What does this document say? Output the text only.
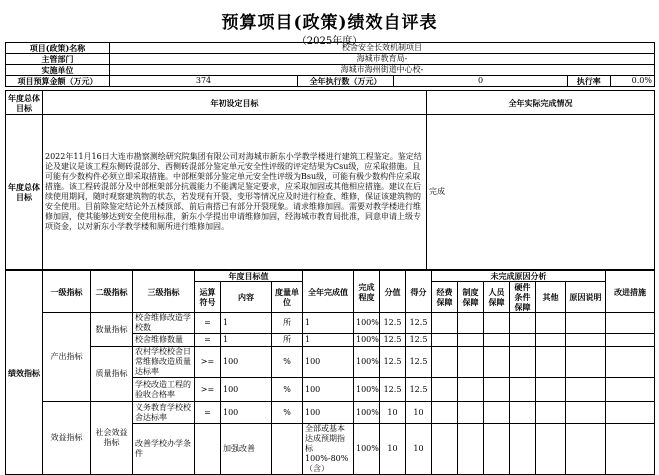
预算项目(政策)绩效自评表
（2025年度）
项目(政策)名称	校舍安全长效机制项目			
主管部门	海城市教育局-			
实施单位	海城市海州街道中心校-			
项目预算金额（万元）	374	全年执行数（万元）	0	执行率 0.0%
年度总体目标	年初设定目标	全年实际完成情况
年度总体目标	2022年11月16日大连市勘察测绘研究院集团有限公司对海城市新东小学教学楼进行建筑工程鉴定。鉴定结论及建议是该工程东侧砖混部分、西侧砖混部分鉴定单元安全性评级的评定结果为Csu级，应采取措施。且可能有少数构件必须立即采取措施。中部框架部分鉴定单元安全性评级为Bsu级，可能有极少数构件应采取措施。该工程砖混部分及中部框架部分抗震能力不能满足鉴定要求，应采取加固或其他相应措施。建议在后续使用期间，随时观察建筑物的状态，若发现有开裂、变形等情况应及时进行检查、维修，保证该建筑物的安全使用。目前除鉴定结论外五楼顶部、前后南搭已有部分开裂现象。请求维修加固。需要对教学楼进行维修加固，使其能够达到安全使用标准，新东小学提出申请维修加固，经海城市教育局批准，同意申请上级专项资金，以对新东小学教学楼和厕所进行维修加固。	完成
绩效指标	一级指标	二级指标	三级指标	年度目标值			全年完成值	完成程度	分值	得分	未完成原因分析						改进措施
				运算符号	内容	度量单位					经费保障	制度保障	人员保障	硬件条件保障	其他	原因说明	

	产出指标	数量指标	校舍维修改造学校数	=	1	所	1	100%	12.5	12.5							
			校舍维修数量	=	1	所	1	100%	12.5	12.5							
		质量指标	农村学校校舍日常维修改造质量达标率	>=	100	%	100	100%	12.5	12.5							
			学校改造工程的验收合格率	>=	100	%	100	100%	12.5	12.5							
	效益指标	社会效益指标	义务教育学校校舍达标率	=	100	%	100	100%	10	10							
			改善学校办学条件		加强改善		全部或基本达成预期指标100%-80%（含）	100%	10	10							
